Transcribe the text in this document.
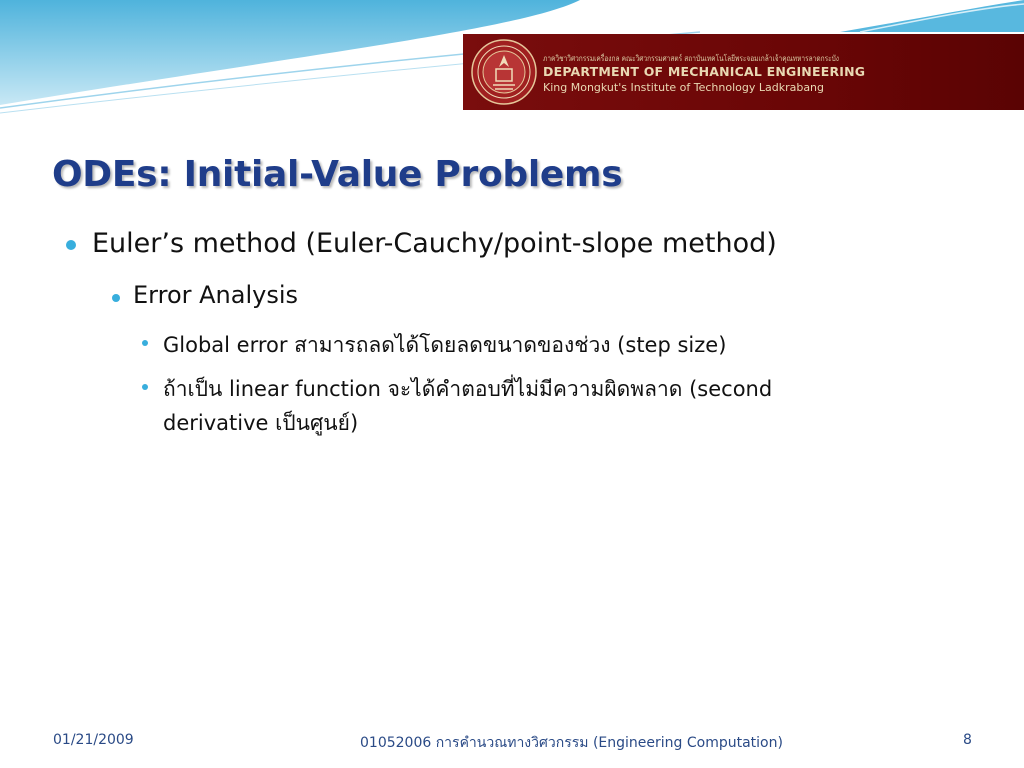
ภาควิชาวิศวกรรมเครื่องกล คณะวิศวกรรมศาสตร์ สถาบันเทคโนโลยีพระจอมเกล้าเจ้าคุณทหารลาดกระบัง
DEPARTMENT OF MECHANICAL ENGINEERING
King Mongkut's Institute of Technology Ladkrabang
ODEs: Initial-Value Problems
Euler’s method (Euler-Cauchy/point-slope method)
Error Analysis
Global error สามารถลดได้โดยลดขนาดของช่วง (step size)
ถ้าเป็น linear function จะได้คำตอบที่ไม่มีความผิดพลาด (second
derivative เป็นศูนย์)
01/21/2009	01052006 การคำนวณทางวิศวกรรม (Engineering Computation)	8
